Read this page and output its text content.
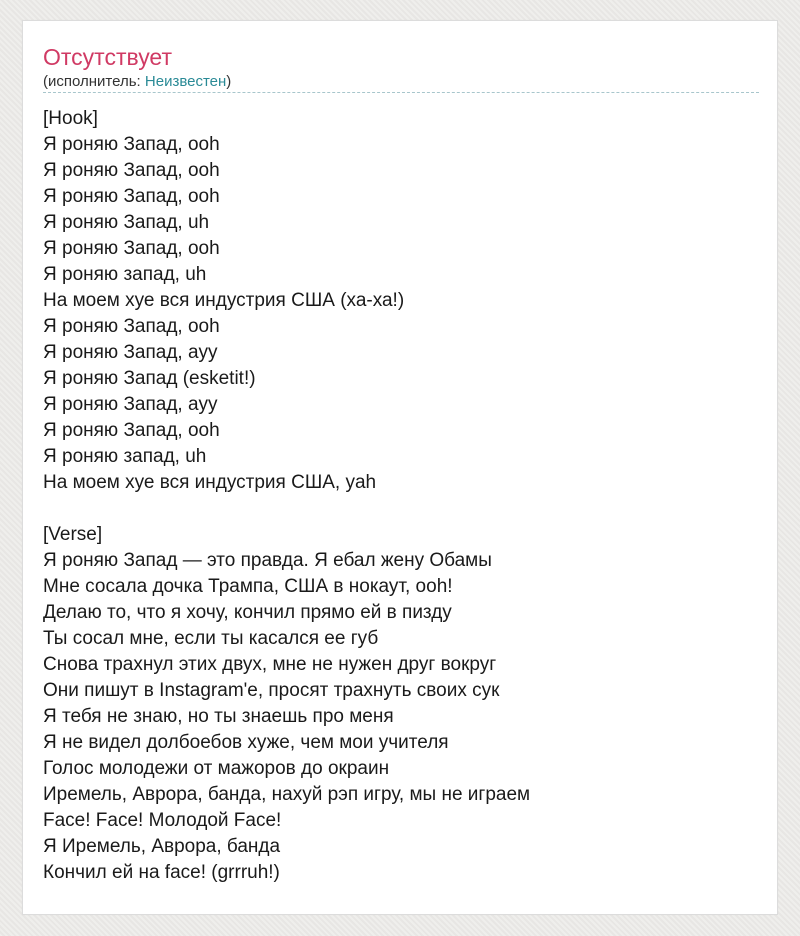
Отсутствует
(исполнитель: Неизвестен)
[Hook]
Я роняю Запад, ooh
Я роняю Запад, ooh
Я роняю Запад, ooh
Я роняю Запад, uh
Я роняю Запад, ooh
Я роняю запад, uh
На моем хуе вся индустрия США (ха-ха!)
Я роняю Запад, ooh
Я роняю Запад, ayy
Я роняю Запад (esketit!)
Я роняю Запад, ayy
Я роняю Запад, ooh
Я роняю запад, uh
На моем хуе вся индустрия США, yah
[Verse]
Я роняю Запад — это правда. Я ебал жену Обамы
Мне сосала дочка Трампа, США в нокаут, ooh!
Делаю то, что я хочу, кончил прямо ей в пизду
Ты сосал мне, если ты касался ее губ
Снова трахнул этих двух, мне не нужен друг вокруг
Они пишут в Instagram'e, просят трахнуть своих сук
Я тебя не знаю, но ты знаешь про меня
Я не видел долбоебов хуже, чем мои учителя
Голос молодежи от мажоров до окраин
Иремель, Аврора, банда, нахуй рэп игру, мы не играем
Face! Face! Молодой Face!
Я Иремель, Аврора, банда
Кончил ей на face! (grrruh!)
